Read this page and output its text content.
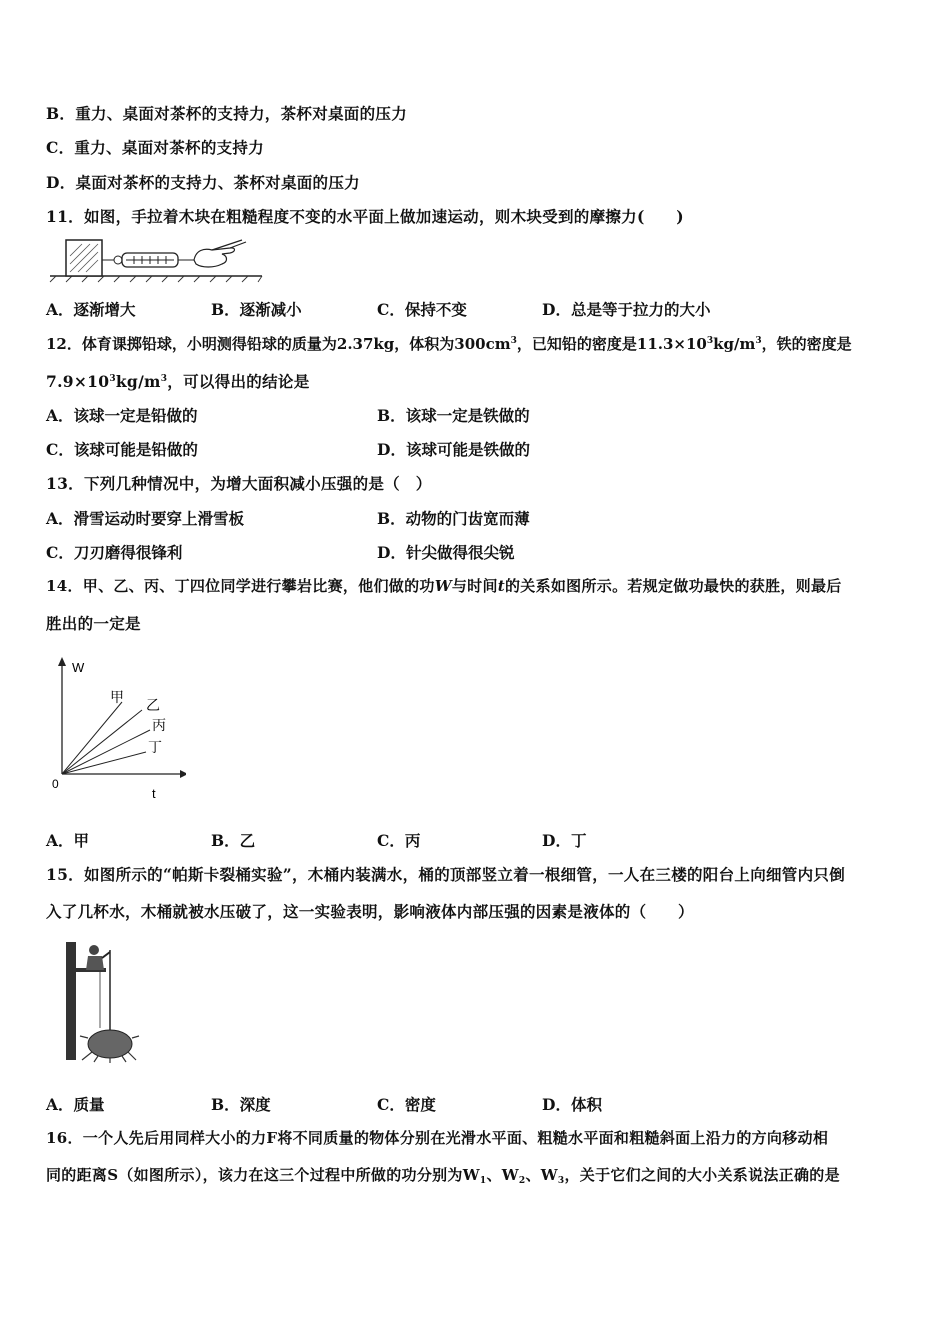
B．重力、桌面对茶杯的支持力，茶杯对桌面的压力
C．重力、桌面对茶杯的支持力
D．桌面对茶杯的支持力、茶杯对桌面的压力
11．如图，手拉着木块在粗糙程度不变的水平面上做加速运动，则木块受到的摩擦力(　　)
A．逐渐增大	B．逐渐减小	C．保持不变	D．总是等于拉力的大小
12．体育课掷铅球，小明测得铅球的质量为2.37kg，体积为$300cm^3$，已知铅的密度是$11.3\times 10^3kg/m^3$，铁的密度是
$7.9\times 10^3kg/m^3$，可以得出的结论是
A．该球一定是铅做的	B．该球一定是铁做的
C．该球可能是铅做的	D．该球可能是铁做的
13．下列几种情况中，为增大面积减小压强的是（　）
A．滑雪运动时要穿上滑雪板	B．动物的门齿宽而薄
C．刀刃磨得很锋利	D．针尖做得很尖锐
14．甲、乙、丙、丁四位同学进行攀岩比赛，他们做的功W与时间t的关系如图所示。若规定做功最快的获胜，则最后
胜出的一定是
W
t
0
甲 乙
丙
丁
A．甲	B．乙	C．丙	D．丁
15．如图所示的“帕斯卡裂桶实验”，木桶内装满水，桶的顶部竖立着一根细管，一人在三楼的阳台上向细管内只倒
入了几杯水，木桶就被水压破了，这一实验表明，影响液体内部压强的因素是液体的（　　）
A．质量	B．深度	C．密度	D．体积
16．一个人先后用同样大小的力F将不同质量的物体分别在光滑水平面、粗糙水平面和粗糙斜面上沿力的方向移动相
同的距离S（如图所示），该力在这三个过程中所做的功分别为$W_1$、$W_2$、$W_3$，关于它们之间的大小关系说法正确的是
